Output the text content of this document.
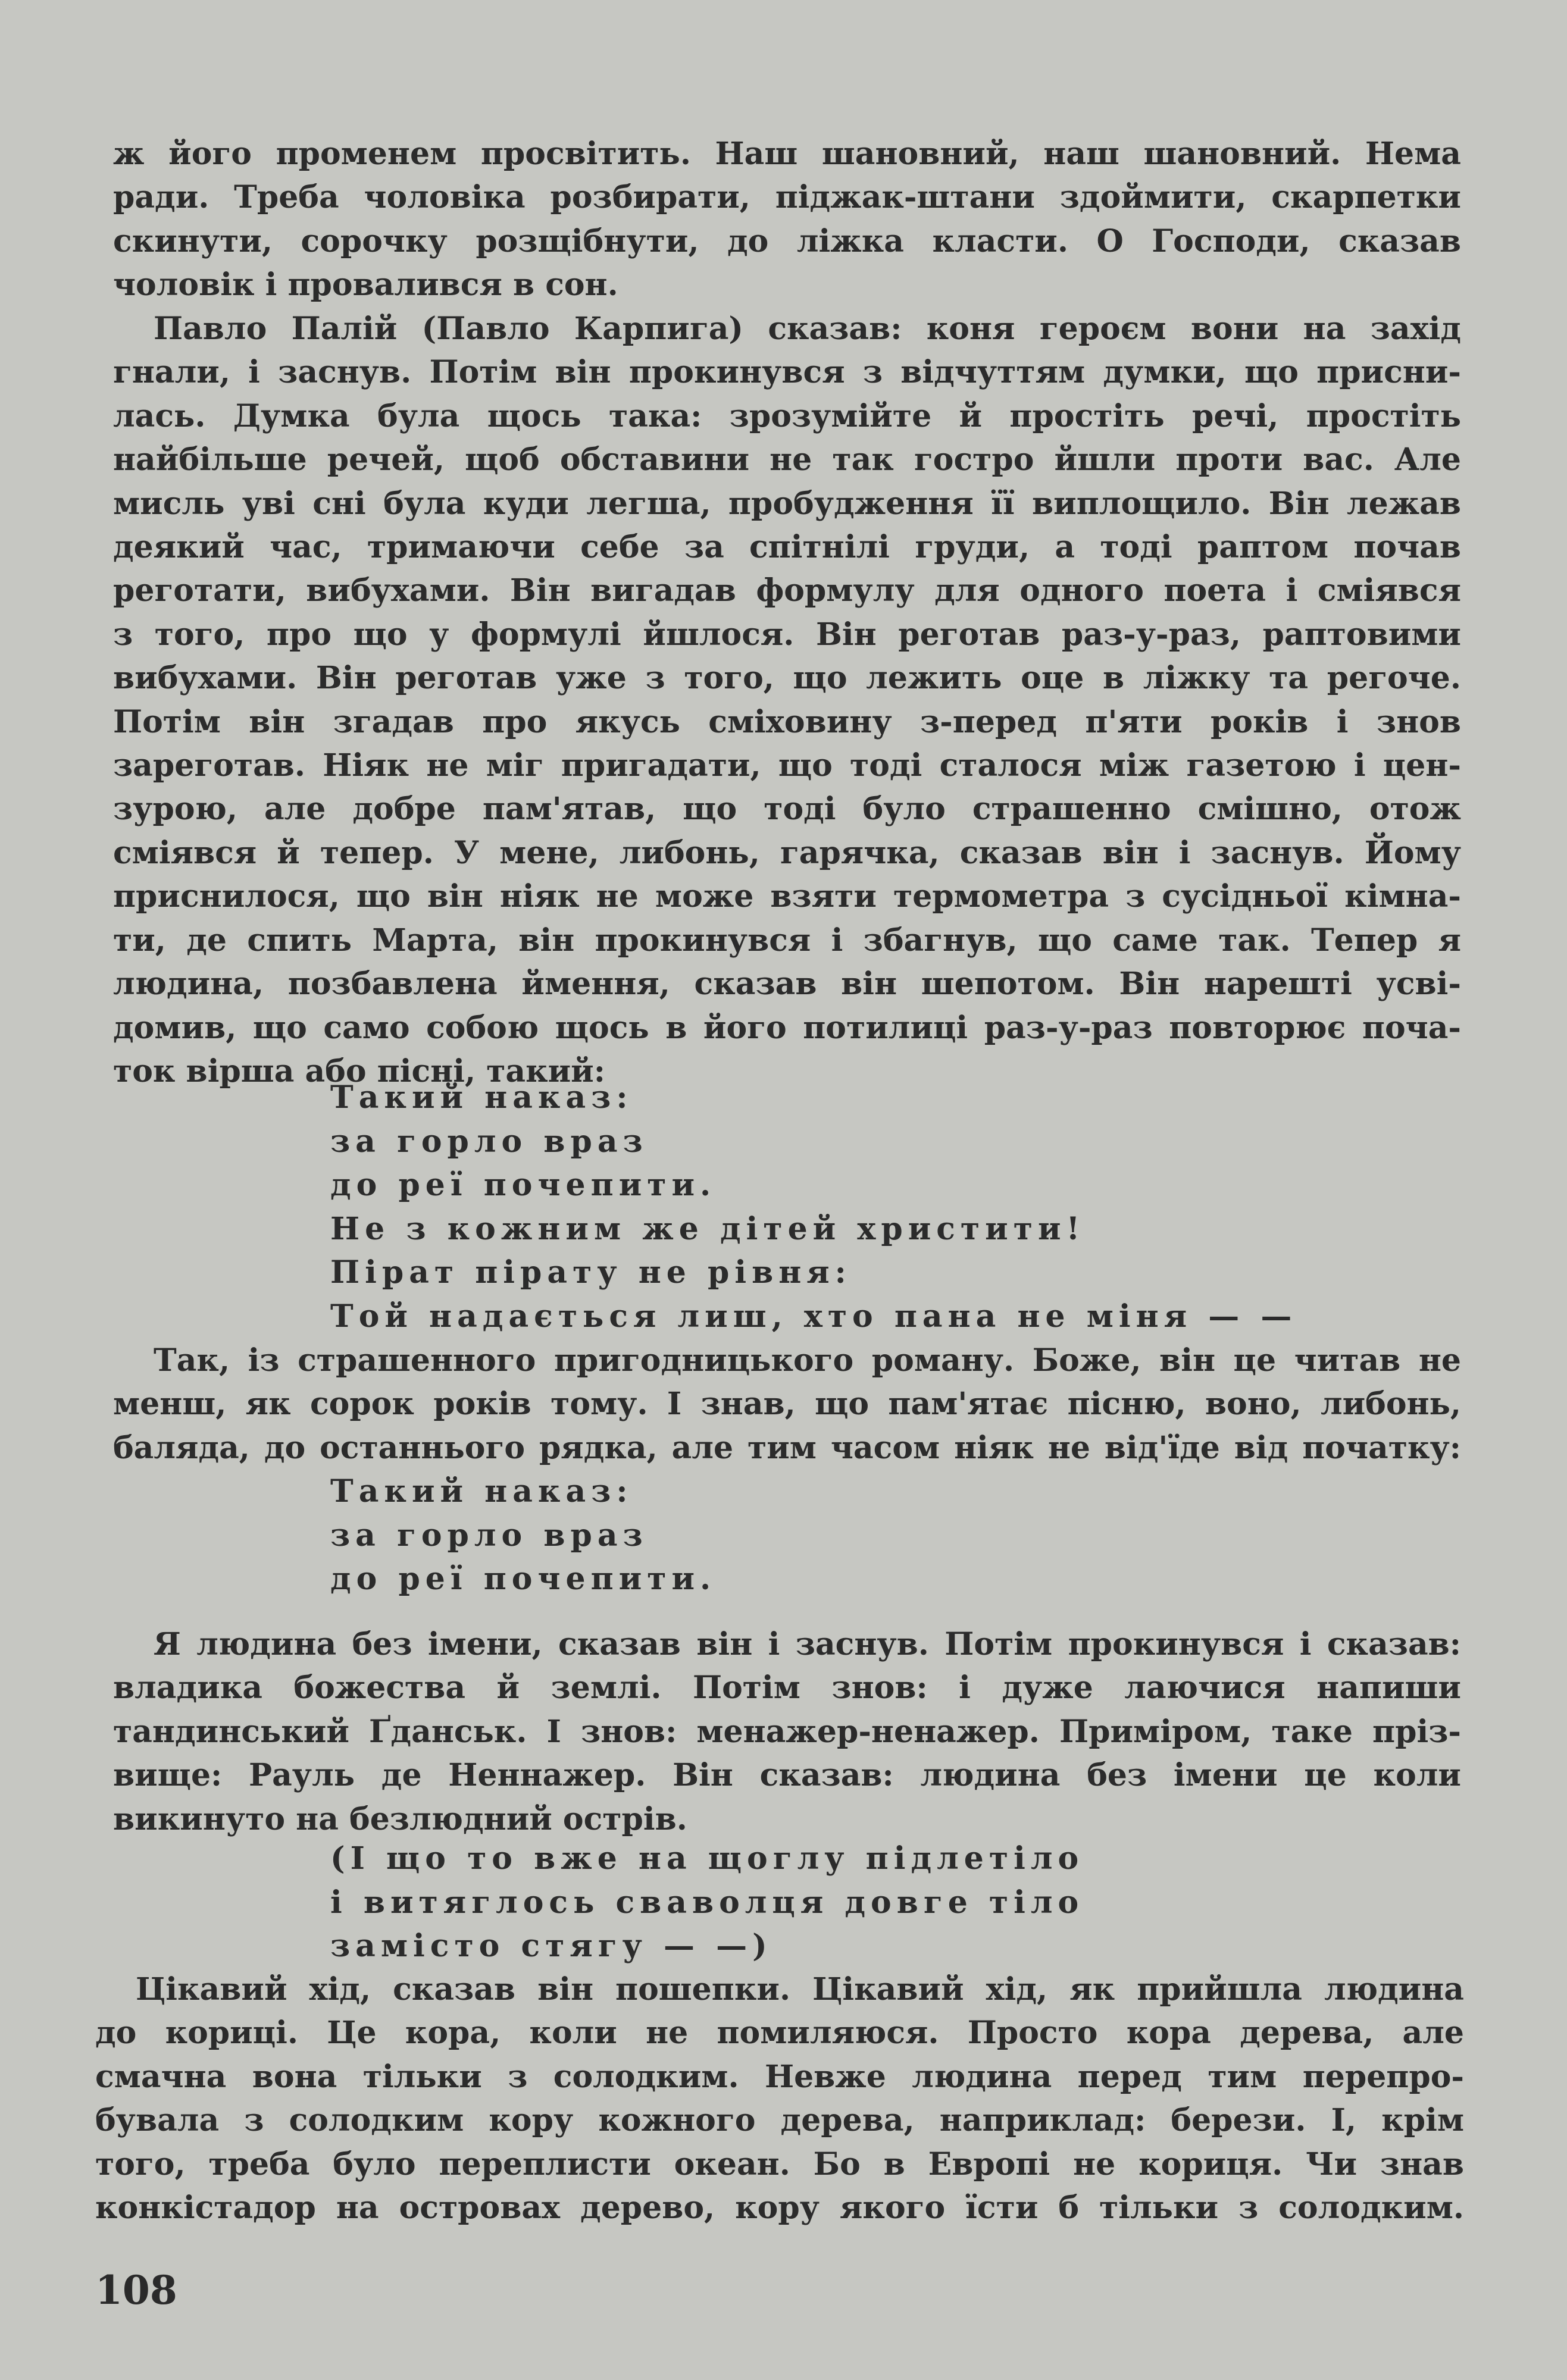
ж його променем просвітить. Наш шановний, наш шановний. Нема
ради. Треба чоловіка розбирати, піджак-штани здоймити, скарпетки
скинути, сорочку розщібнути, до ліжка класти. О Господи, сказав
чоловік і провалився в сон.
Павло Палій (Павло Карпига) сказав: коня героєм вони на захід
гнали, і заснув. Потім він прокинувся з відчуттям думки, що присни-
лась. Думка була щось така: зрозумійте й простіть речі, простіть
найбільше речей, щоб обставини не так гостро йшли проти вас. Але
мисль уві сні була куди легша, пробудження її виплощило. Він лежав
деякий час, тримаючи себе за спітнілі груди, а тоді раптом почав
реготати, вибухами. Він вигадав формулу для одного поета і сміявся
з того, про що у формулі йшлося. Він реготав раз-у-раз, раптовими
вибухами. Він реготав уже з того, що лежить оце в ліжку та регоче.
Потім він згадав про якусь сміховину з-перед п'яти років і знов
зареготав. Ніяк не міг пригадати, що тоді сталося між газетою і цен-
зурою, але добре пам'ятав, що тоді було страшенно смішно, отож
сміявся й тепер. У мене, либонь, гарячка, сказав він і заснув. Йому
приснилося, що він ніяк не може взяти термометра з сусідньої кімна-
ти, де спить Марта, він прокинувся і збагнув, що саме так. Тепер я
людина, позбавлена ймення, сказав він шепотом. Він нарешті усві-
домив, що само собою щось в його потилиці раз-у-раз повторює почa-
ток вірша або пісні, такий:
Такий наказ:
за горло враз
до реї почепити.
Не з кожним же дітей христити!
Пірат пірату не рівня:
Той надається лиш, хто пана не міня — —
Так, із страшенного пригодницького роману. Боже, він це читав не
менш, як сорок років тому. І знав, що пам'ятає пісню, воно, либонь,
баляда, до останнього рядка, але тим часом ніяк не від'їде від початку:
Такий наказ:
за горло враз
до реї почепити.
Я людина без імени, сказав він і заснув. Потім прокинувся і сказав:
владика божества й землі. Потім знов: і дуже лаючися напиши
тандинський Ґданськ. І знов: менажер-ненажер. Приміром, таке пріз-
вище: Рауль де Неннажер. Він сказав: людина без імени це коли
викинуто на безлюдний острів.
(І що то вже на щоглу підлетіло
і витяглось сваволця довге тіло
замісто стягу — —)
Цікавий хід, сказав він пошепки. Цікавий хід, як прийшла людина
до кориці. Це кора, коли не помиляюся. Просто кора дерева, але
смачна вона тільки з солодким. Невже людина перед тим перепро-
бувала з солодким кору кожного дерева, наприклад: берези. І, крім
того, треба було переплисти океан. Бо в Европі не кориця. Чи знав
конкістадор на островах дерево, кору якого їсти б тільки з солодким.
108
